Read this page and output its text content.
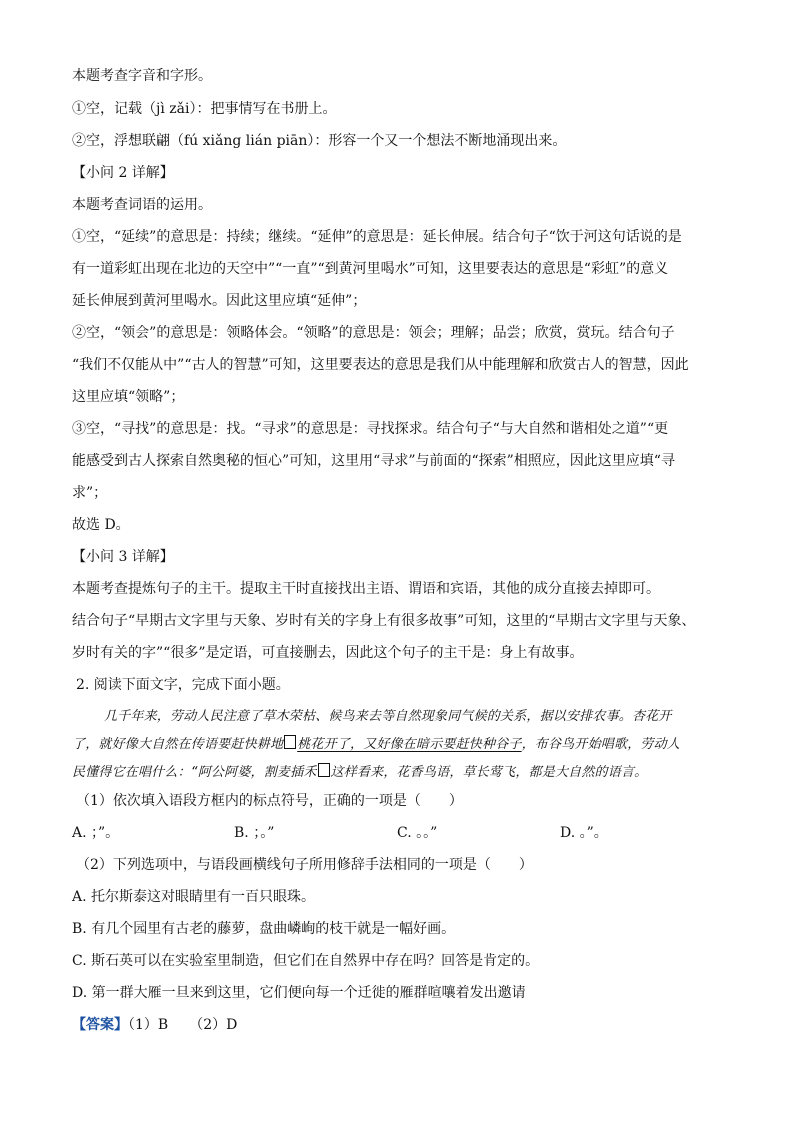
本题考查字音和字形。
①空，记载（jì zǎi）：把事情写在书册上。
②空，浮想联翩（fú xiǎng lián piān）：形容一个又一个想法不断地涌现出来。
【小问 2 详解】
本题考查词语的运用。
①空，“延续”的意思是：持续；继续。“延伸”的意思是：延长伸展。结合句子“饮于河这句话说的是
有一道彩虹出现在北边的天空中”“一直”“到黄河里喝水”可知，这里要表达的意思是“彩虹”的意义
延长伸展到黄河里喝水。因此这里应填“延伸”；
②空，“领会”的意思是：领略体会。“领略”的意思是：领会；理解；品尝；欣赏，赏玩。结合句子
“我们不仅能从中”“古人的智慧”可知，这里要表达的意思是我们从中能理解和欣赏古人的智慧，因此
这里应填“领略”；
③空，“寻找”的意思是：找。“寻求”的意思是：寻找探求。结合句子“与大自然和谐相处之道”“更
能感受到古人探索自然奥秘的恒心”可知，这里用“寻求”与前面的“探索”相照应，因此这里应填“寻
求”；
故选 D。
【小问 3 详解】
本题考查提炼句子的主干。提取主干时直接找出主语、谓语和宾语，其他的成分直接去掉即可。
结合句子“早期古文字里与天象、岁时有关的字身上有很多故事”可知，这里的“早期古文字里与天象、
岁时有关的字”“很多”是定语，可直接删去，因此这个句子的主干是：身上有故事。
2. 阅读下面文字，完成下面小题。
几千年来，劳动人民注意了草木荣枯、候鸟来去等自然现象同气候的关系，据以安排农事。杏花开
了，就好像大自然在传语要赶快耕地 桃花开了，又好像在暗示要赶快种谷子，布谷鸟开始唱歌，劳动人
民懂得它在唱什么：“阿公阿婆，割麦插禾 这样看来，花香鸟语，草长莺飞，都是大自然的语言。
（1）依次填入语段方框内的标点符号，正确的一项是（　　）
A. ；”。	B. ；。”	C. 。。”	D. 。”。
（2）下列选项中，与语段画横线句子所用修辞手法相同的一项是（　　）
A. 托尔斯泰这对眼睛里有一百只眼珠。
B. 有几个园里有古老的藤萝，盘曲嶙峋的枝干就是一幅好画。
C. 斯石英可以在实验室里制造，但它们在自然界中存在吗？回答是肯定的。
D. 第一群大雁一旦来到这里，它们便向每一个迁徙的雁群喧嚷着发出邀请
【答案】（1）B　　（2）D
